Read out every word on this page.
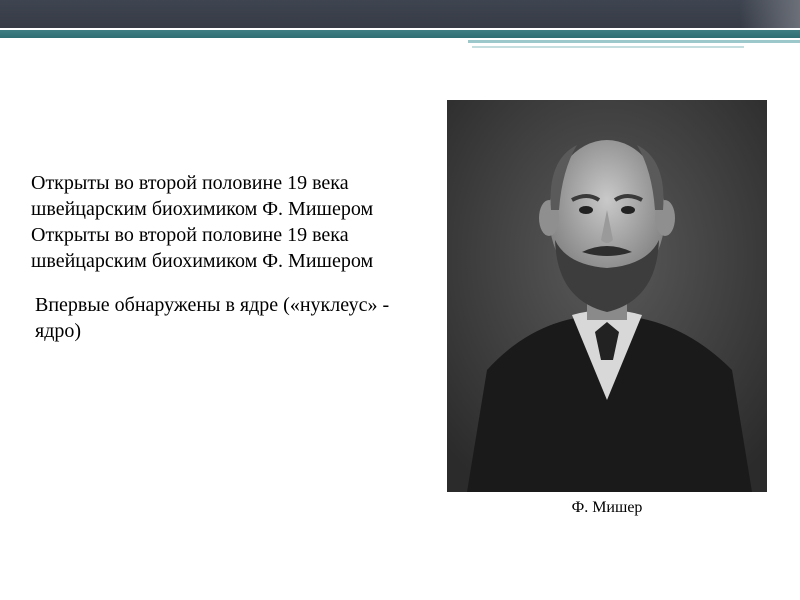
Открыты во второй половине 19 века швейцарским биохимиком Ф. Мишером Открыты во второй половине 19 века швейцарским биохимиком Ф. Мишером

Впервые обнаружены в ядре («нуклеус» - ядро)

Ф. Мишер
